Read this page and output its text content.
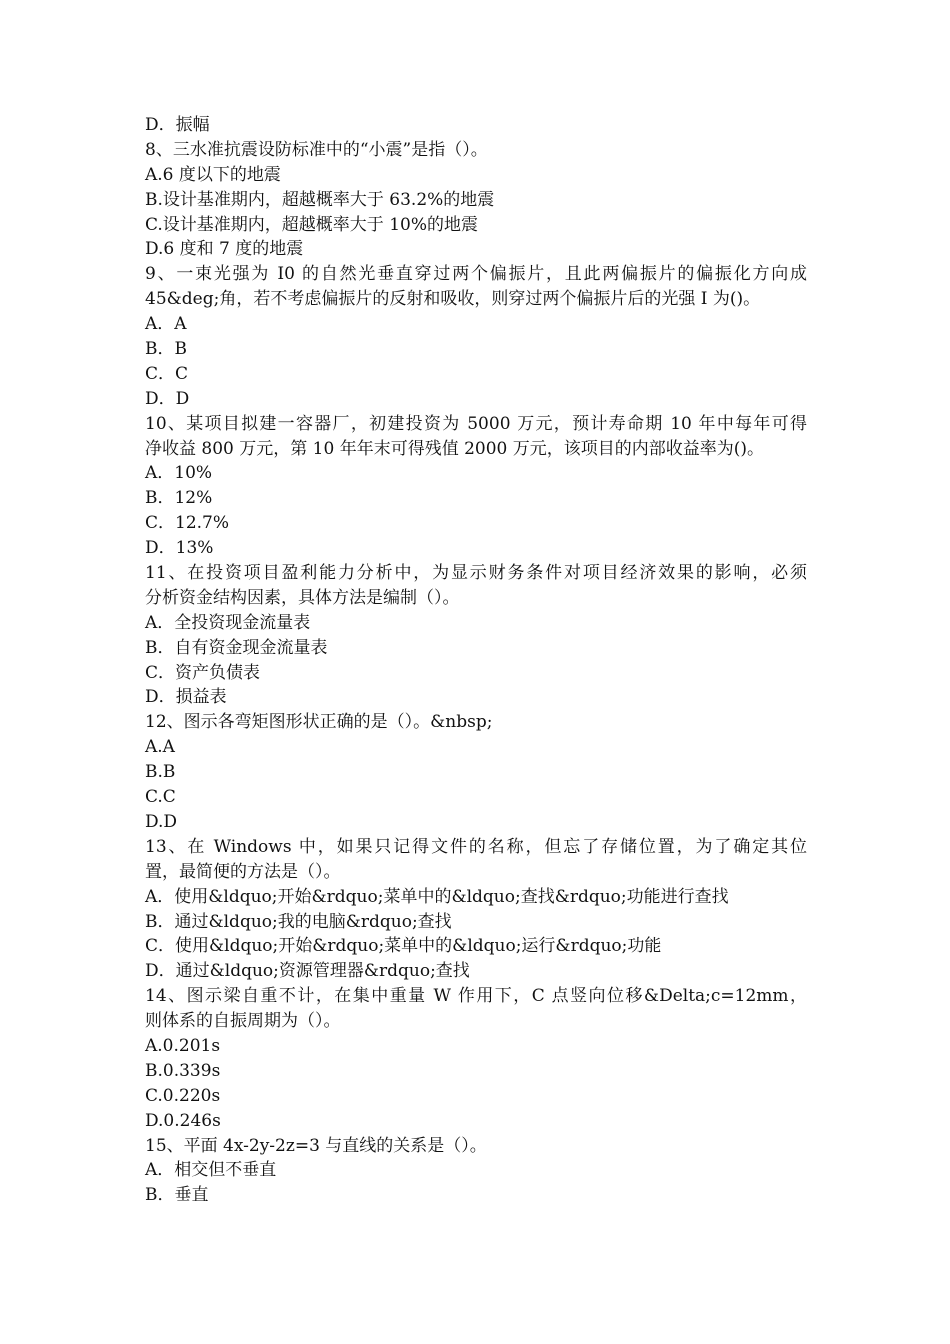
D．振幅
8、三水准抗震设防标准中的“小震”是指（）。
A.6 度以下的地震
B.设计基准期内，超越概率大于 63.2%的地震
C.设计基准期内，超越概率大于 10%的地震
D.6 度和 7 度的地震
9、一束光强为 I0 的自然光垂直穿过两个偏振片，且此两偏振片的偏振化方向成
45&deg;角，若不考虑偏振片的反射和吸收，则穿过两个偏振片后的光强 I 为()。
A．A
B．B
C．C
D．D
10、某项目拟建一容器厂，初建投资为 5000 万元，预计寿命期 10 年中每年可得
净收益 800 万元，第 10 年年末可得残值 2000 万元，该项目的内部收益率为()。
A．10%
B．12%
C．12.7%
D．13%
11、在投资项目盈利能力分析中，为显示财务条件对项目经济效果的影响，必须
分析资金结构因素，具体方法是编制（）。
A．全投资现金流量表
B．自有资金现金流量表
C．资产负债表
D．损益表
12、图示各弯矩图形状正确的是（）。&nbsp;
A.A
B.B
C.C
D.D
13、在 Windows 中，如果只记得文件的名称，但忘了存储位置，为了确定其位
置，最简便的方法是（）。
A．使用&ldquo;开始&rdquo;菜单中的&ldquo;查找&rdquo;功能进行查找
B．通过&ldquo;我的电脑&rdquo;查找
C．使用&ldquo;开始&rdquo;菜单中的&ldquo;运行&rdquo;功能
D．通过&ldquo;资源管理器&rdquo;查找
14、图示梁自重不计，在集中重量 W 作用下，C 点竖向位移&Delta;c=12mm，
则体系的自振周期为（）。
A.0.201s
B.0.339s
C.0.220s
D.0.246s
15、平面 4x-2y-2z=3 与直线的关系是（）。
A．相交但不垂直
B．垂直
